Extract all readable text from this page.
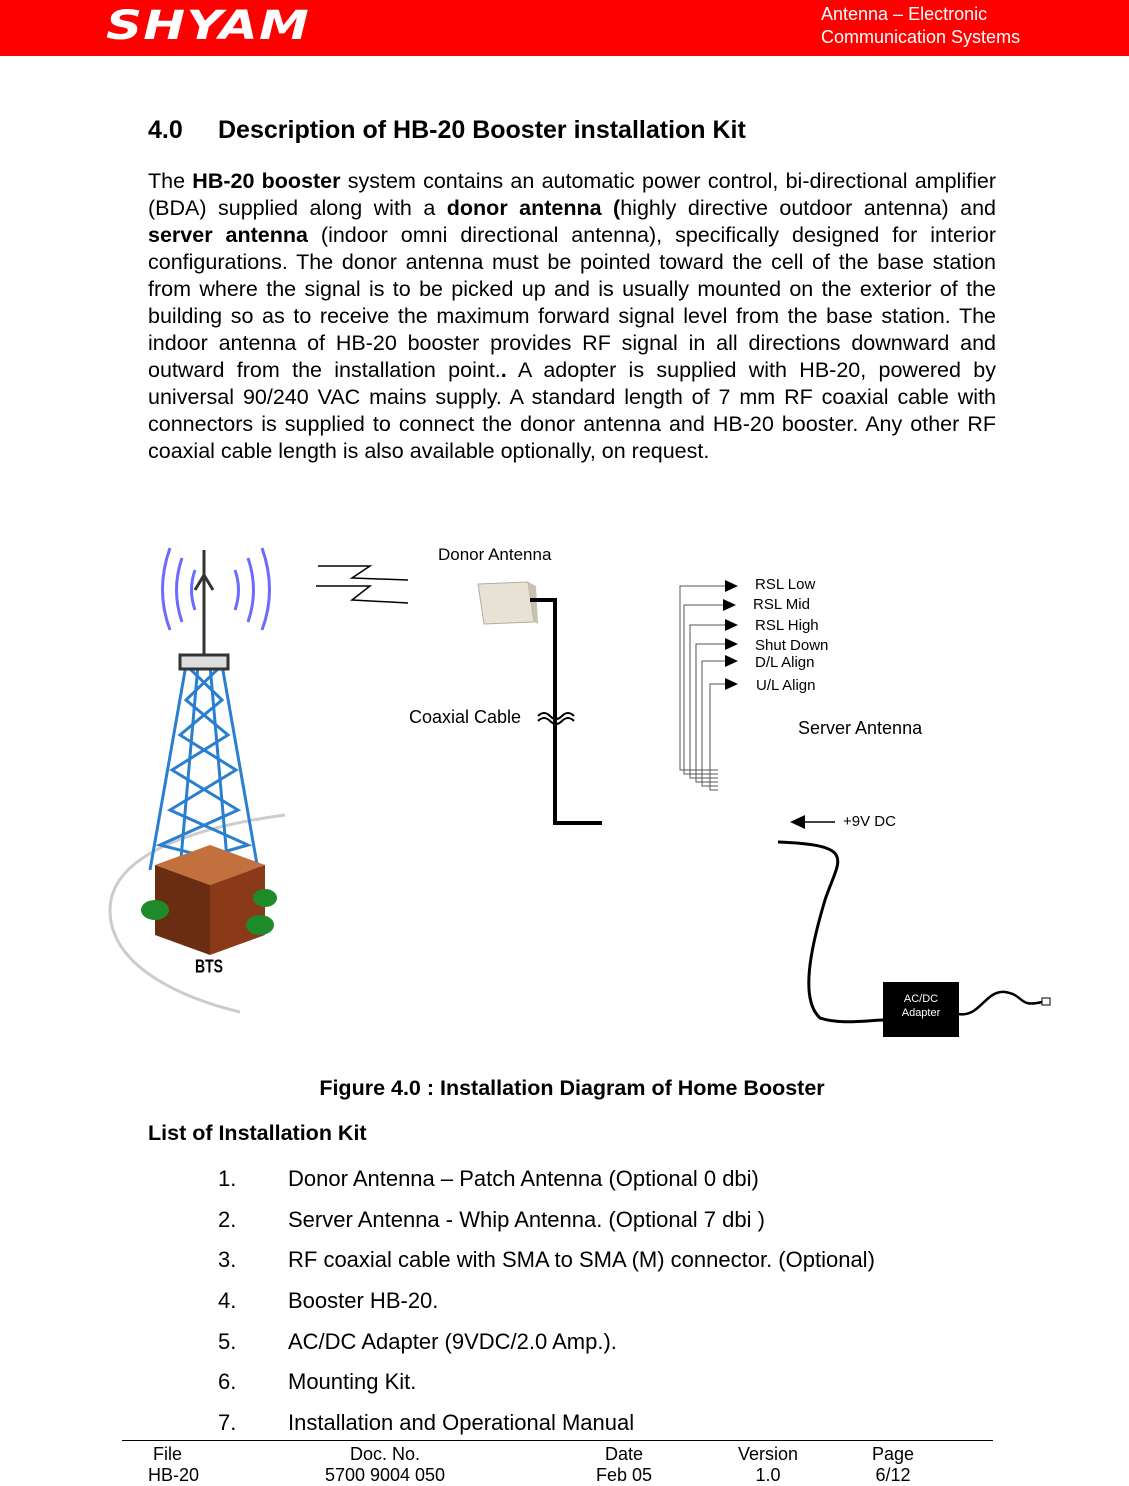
SHYAM	Antenna – Electronic
Communication Systems
4.0 Description of HB-20 Booster installation Kit

The HB-20 booster system contains an automatic power control, bi-directional amplifier (BDA) supplied along with a donor antenna (highly directive outdoor antenna) and server antenna (indoor omni directional antenna), specifically designed for interior configurations. The donor antenna must be pointed toward the cell of the base station from where the signal is to be picked up and is usually mounted on the exterior of the building so as to receive the maximum forward signal level from the base station. The indoor antenna of HB-20 booster provides RF signal in all directions downward and outward from the installation point.. A adopter is supplied with HB-20, powered by universal 90/240 VAC mains supply. A standard length of 7 mm RF coaxial cable with connectors is supplied to connect the donor antenna and HB-20 booster. Any other RF coaxial cable length is also available optionally, on request.

Donor Antenna
Coaxial Cable
Server Antenna
+9V DC
BTS
RSL Low
RSL Mid
RSL High
Shut Down
D/L Align
U/L Align
AC/DC
Adapter
Figure 4.0 : Installation Diagram of Home Booster
List of Installation Kit
1. Donor Antenna – Patch Antenna (Optional 0 dbi)
2. Server Antenna - Whip Antenna. (Optional 7 dbi )
3. RF coaxial cable with SMA to SMA (M) connector. (Optional)
4. Booster HB-20.
5. AC/DC Adapter (9VDC/2.0 Amp.).
6. Mounting Kit.
7. Installation and Operational Manual
File
HB-20
Doc. No.
5700 9004 050
Date
Feb 05
Version
1.0
Page
6/12
